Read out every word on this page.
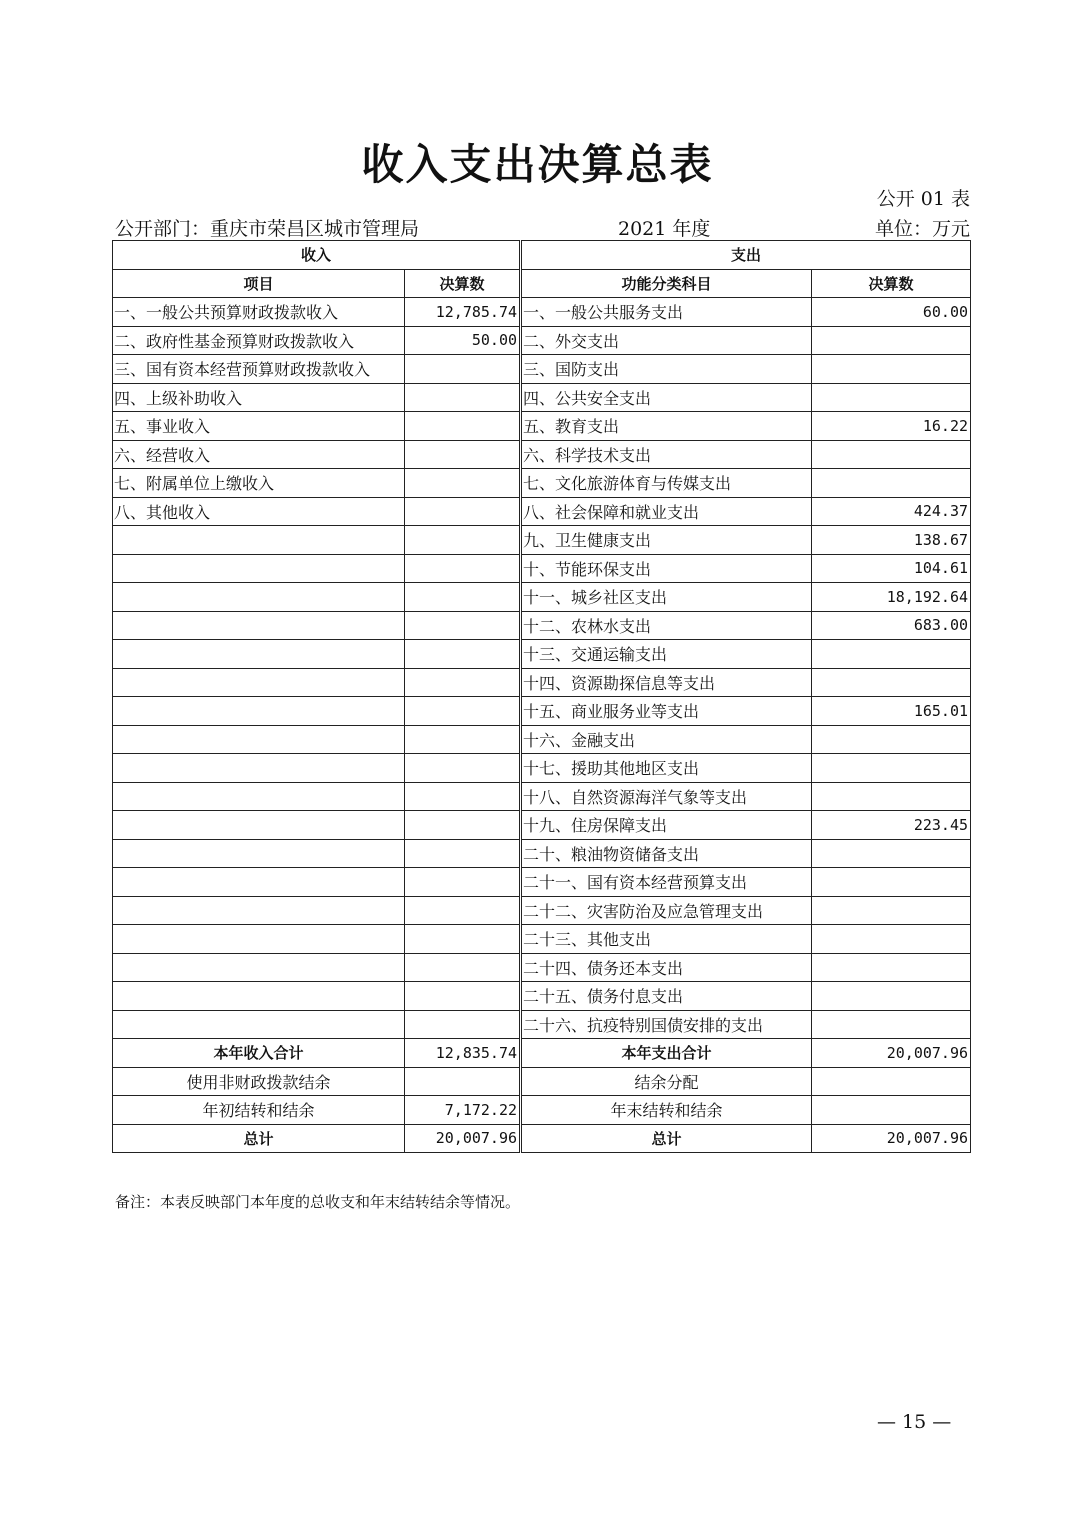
收入支出决算总表
公开 01 表
公开部门：重庆市荣昌区城市管理局	2021 年度	单位：万元
收入			支出	
项目	决算数		功能分类科目	决算数
一、一般公共预算财政拨款收入	12,785.74		一、一般公共服务支出	60.00
二、政府性基金预算财政拨款收入	50.00		二、外交支出	
三、国有资本经营预算财政拨款收入			三、国防支出	
四、上级补助收入			四、公共安全支出	
五、事业收入			五、教育支出	16.22
六、经营收入			六、科学技术支出	
七、附属单位上缴收入			七、文化旅游体育与传媒支出	
八、其他收入			八、社会保障和就业支出	424.37
			九、卫生健康支出	138.67
			十、节能环保支出	104.61
			十一、城乡社区支出	18,192.64
			十二、农林水支出	683.00
			十三、交通运输支出	
			十四、资源勘探信息等支出	
			十五、商业服务业等支出	165.01
			十六、金融支出	
			十七、援助其他地区支出	
			十八、自然资源海洋气象等支出	
			十九、住房保障支出	223.45
			二十、粮油物资储备支出	
			二十一、国有资本经营预算支出	
			二十二、灾害防治及应急管理支出	
			二十三、其他支出	
			二十四、债务还本支出	
			二十五、债务付息支出	
			二十六、抗疫特别国债安排的支出	
本年收入合计	12,835.74		本年支出合计	20,007.96
使用非财政拨款结余			结余分配	
年初结转和结余	7,172.22		年末结转和结余	
总计	20,007.96		总计	20,007.96
备注：本表反映部门本年度的总收支和年末结转结余等情况。
— 15 —
